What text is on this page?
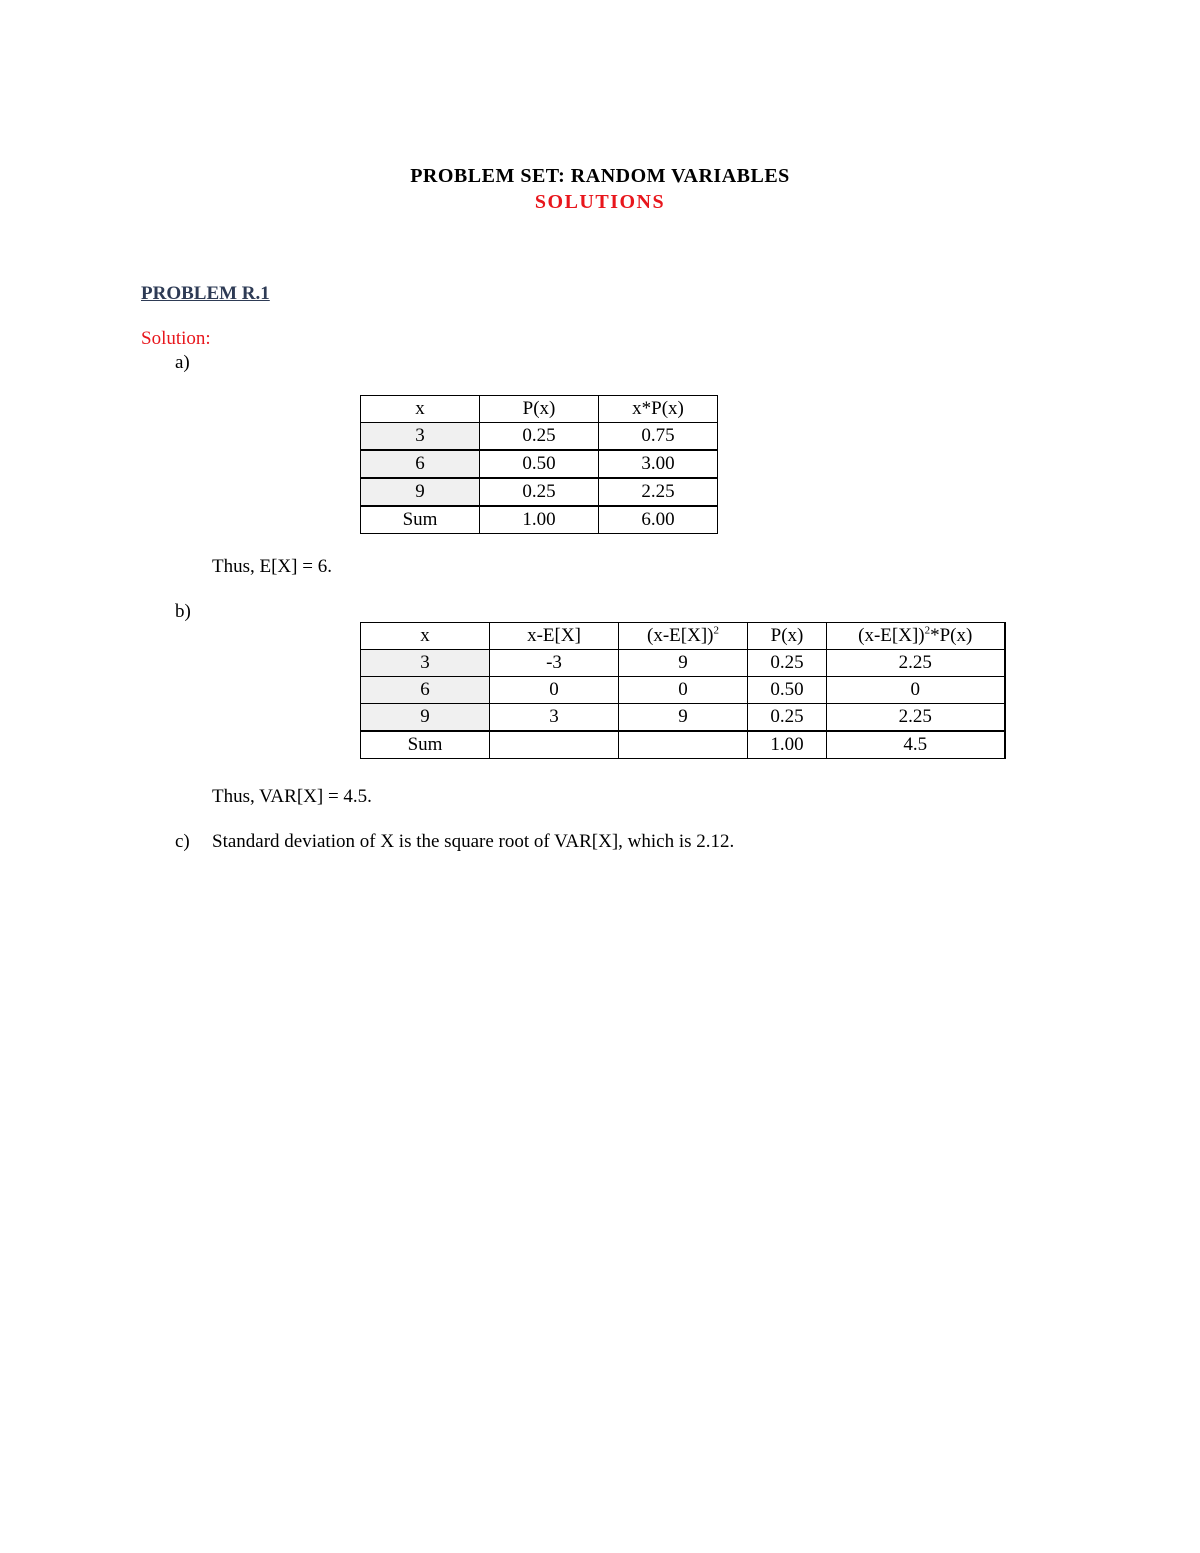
PROBLEM SET: RANDOM VARIABLES
SOLUTIONS
PROBLEM R.1
Solution:
a)
x	P(x)	x*P(x)
3	0.25	0.75
6	0.50	3.00
9	0.25	2.25
Sum	1.00	6.00
Thus, E[X] = 6.
b)
x	x-E[X]	$(x-E[X])^2$	P(x)	$(x-E[X])^2*P(x)$
3	-3	9	0.25	2.25
6	0	0	0.50	0
9	3	9	0.25	2.25
Sum			1.00	4.5
Thus, VAR[X] = 4.5.
c) Standard deviation of X is the square root of VAR[X], which is 2.12.
